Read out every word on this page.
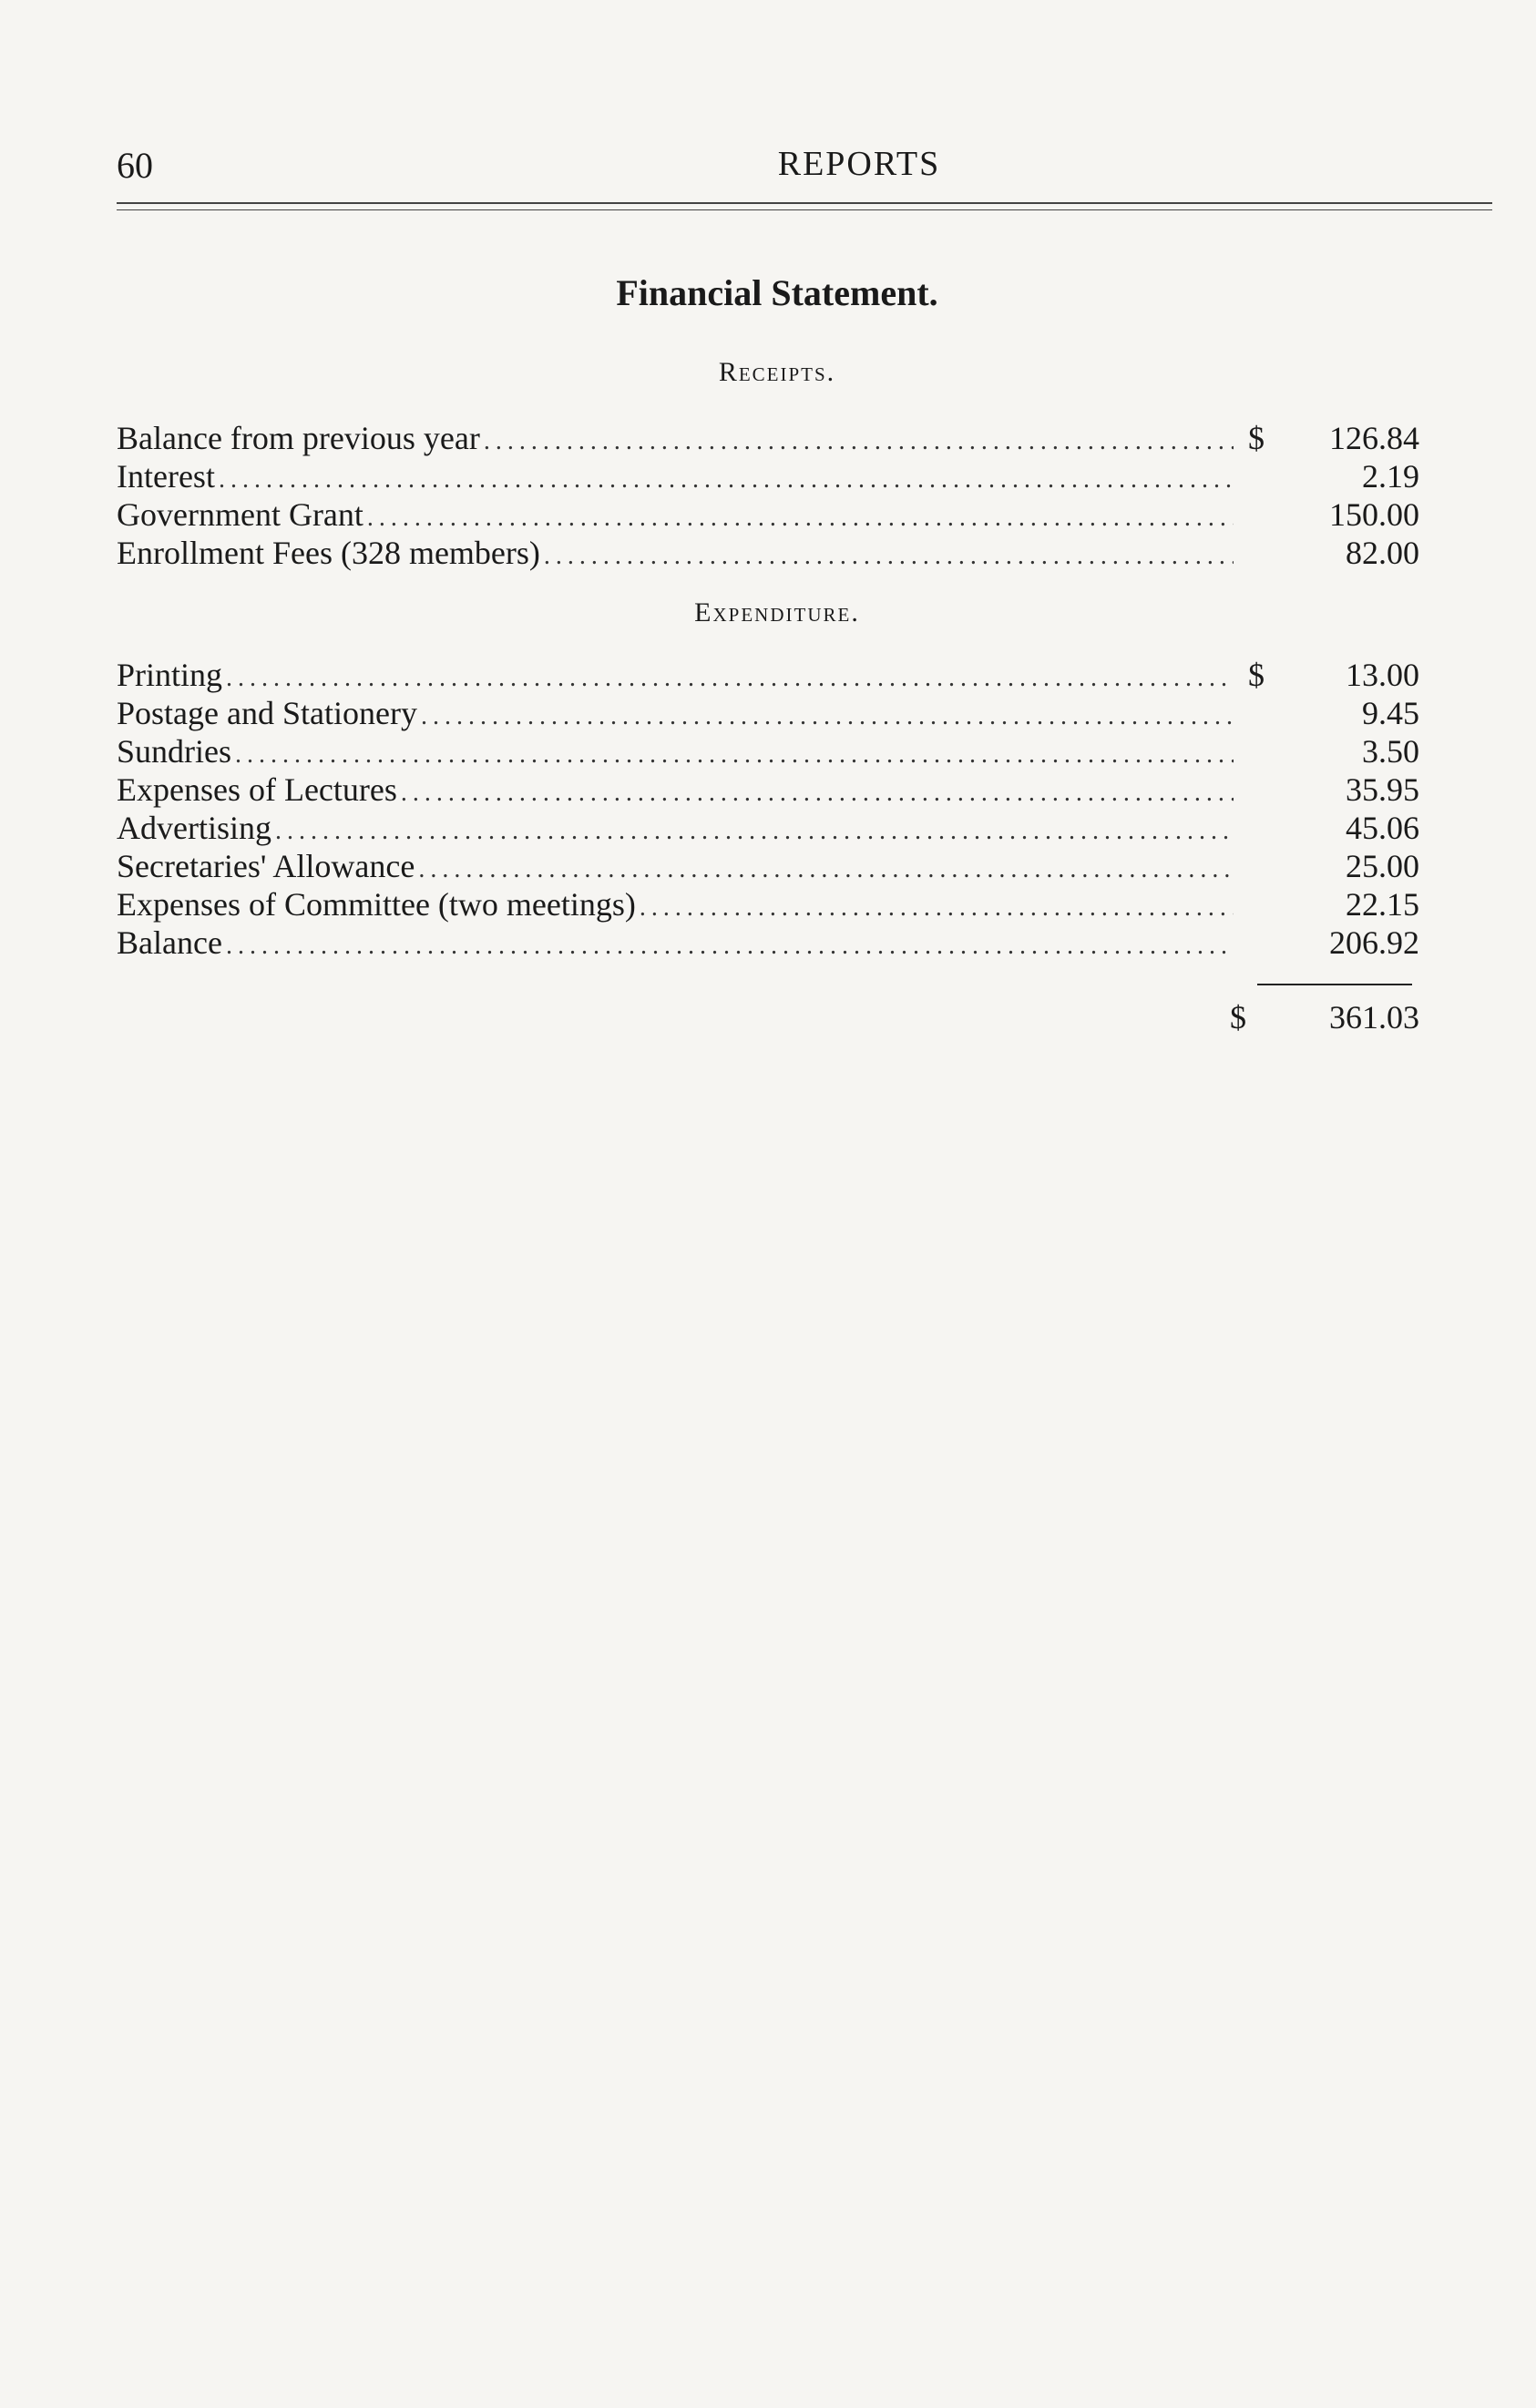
60	REPORTS
Financial Statement.
Receipts.
Balance from previous year .....	$	126.84
Interest .....	2.19
Government Grant .....	150.00
Enrollment Fees (328 members) .....	82.00
Expenditure.
Printing .....	$	13.00
Postage and Stationery .....	9.45
Sundries .....	3.50
Expenses of Lectures .....	35.95
Advertising .....	45.06
Secretaries' Allowance .....	25.00
Expenses of Committee (two meetings) .....	22.15
Balance .....	206.92
$	361.03
